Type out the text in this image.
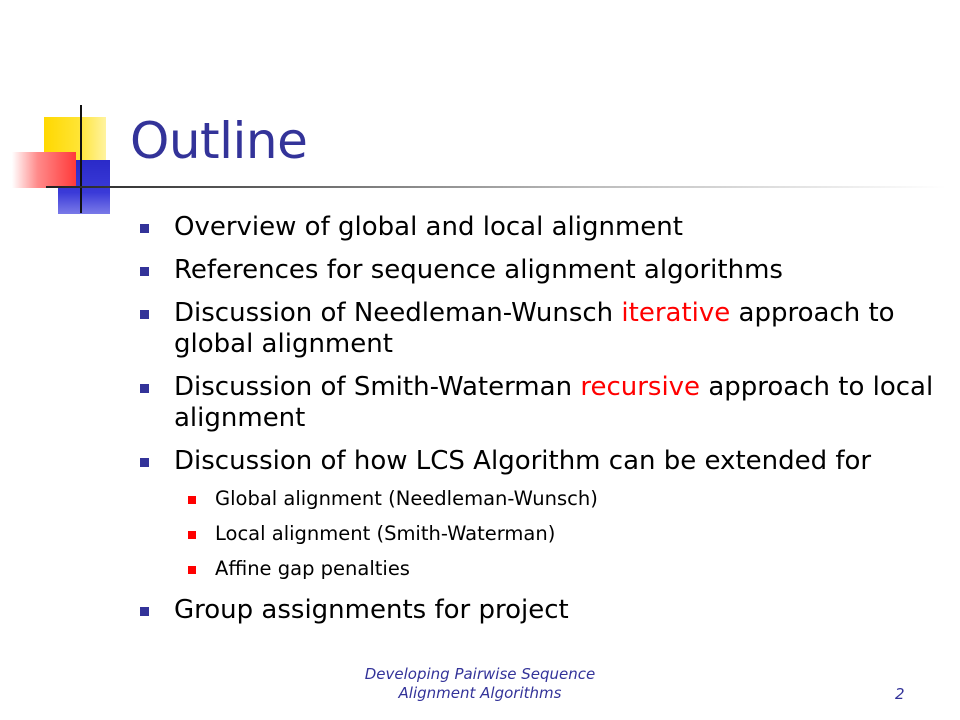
Outline
Overview of global and local alignment
References for sequence alignment algorithms
Discussion of Needleman-Wunsch iterative approach to global alignment
Discussion of Smith-Waterman recursive approach to local alignment
Discussion of how LCS Algorithm can be extended for
Global alignment (Needleman-Wunsch)
Local alignment (Smith-Waterman)
Affine gap penalties
Group assignments for project
Developing Pairwise Sequence
Alignment Algorithms	2
